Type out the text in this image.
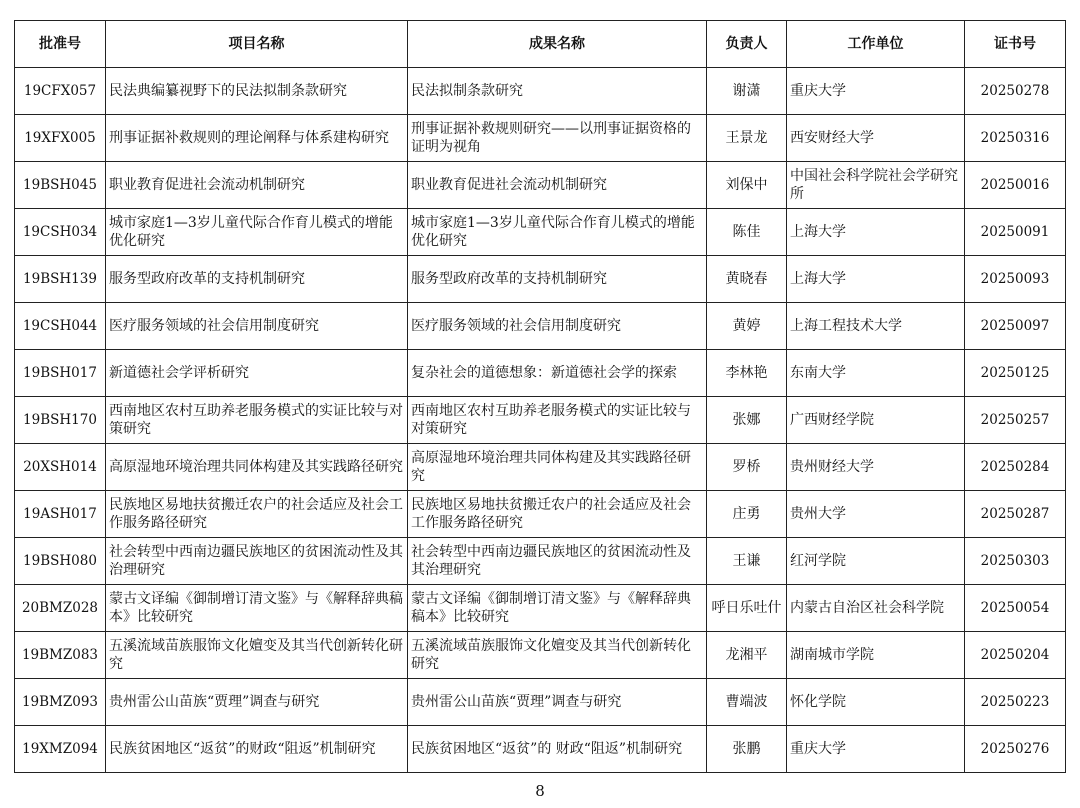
批准号	项目名称	成果名称	负责人	工作单位	证书号
19CFX057	民法典编纂视野下的民法拟制条款研究	民法拟制条款研究	谢潇	重庆大学	20250278
19XFX005	刑事证据补救规则的理论阐释与体系建构研究	刑事证据补救规则研究——以刑事证据资格的证明为视角	王景龙	西安财经大学	20250316
19BSH045	职业教育促进社会流动机制研究	职业教育促进社会流动机制研究	刘保中	中国社会科学院社会学研究所	20250016
19CSH034	城市家庭1—3岁儿童代际合作育儿模式的增能优化研究	城市家庭1—3岁儿童代际合作育儿模式的增能优化研究	陈佳	上海大学	20250091
19BSH139	服务型政府改革的支持机制研究	服务型政府改革的支持机制研究	黄晓春	上海大学	20250093
19CSH044	医疗服务领域的社会信用制度研究	医疗服务领域的社会信用制度研究	黄婷	上海工程技术大学	20250097
19BSH017	新道德社会学评析研究	复杂社会的道德想象：新道德社会学的探索	李林艳	东南大学	20250125
19BSH170	西南地区农村互助养老服务模式的实证比较与对策研究	西南地区农村互助养老服务模式的实证比较与对策研究	张娜	广西财经学院	20250257
20XSH014	高原湿地环境治理共同体构建及其实践路径研究	高原湿地环境治理共同体构建及其实践路径研究	罗桥	贵州财经大学	20250284
19ASH017	民族地区易地扶贫搬迁农户的社会适应及社会工作服务路径研究	民族地区易地扶贫搬迁农户的社会适应及社会工作服务路径研究	庄勇	贵州大学	20250287
19BSH080	社会转型中西南边疆民族地区的贫困流动性及其治理研究	社会转型中西南边疆民族地区的贫困流动性及其治理研究	王谦	红河学院	20250303
20BMZ028	蒙古文译编《御制增订清文鉴》与《解释辞典稿本》比较研究	蒙古文译编《御制增订清文鉴》与《解释辞典稿本》比较研究	呼日乐吐什	内蒙古自治区社会科学院	20250054
19BMZ083	五溪流域苗族服饰文化嬗变及其当代创新转化研究	五溪流域苗族服饰文化嬗变及其当代创新转化研究	龙湘平	湖南城市学院	20250204
19BMZ093	贵州雷公山苗族“贾理”调查与研究	贵州雷公山苗族“贾理”调查与研究	曹端波	怀化学院	20250223
19XMZ094	民族贫困地区“返贫”的财政“阻返”机制研究	民族贫困地区“返贫”的 财政“阻返”机制研究	张鹏	重庆大学	20250276
8
